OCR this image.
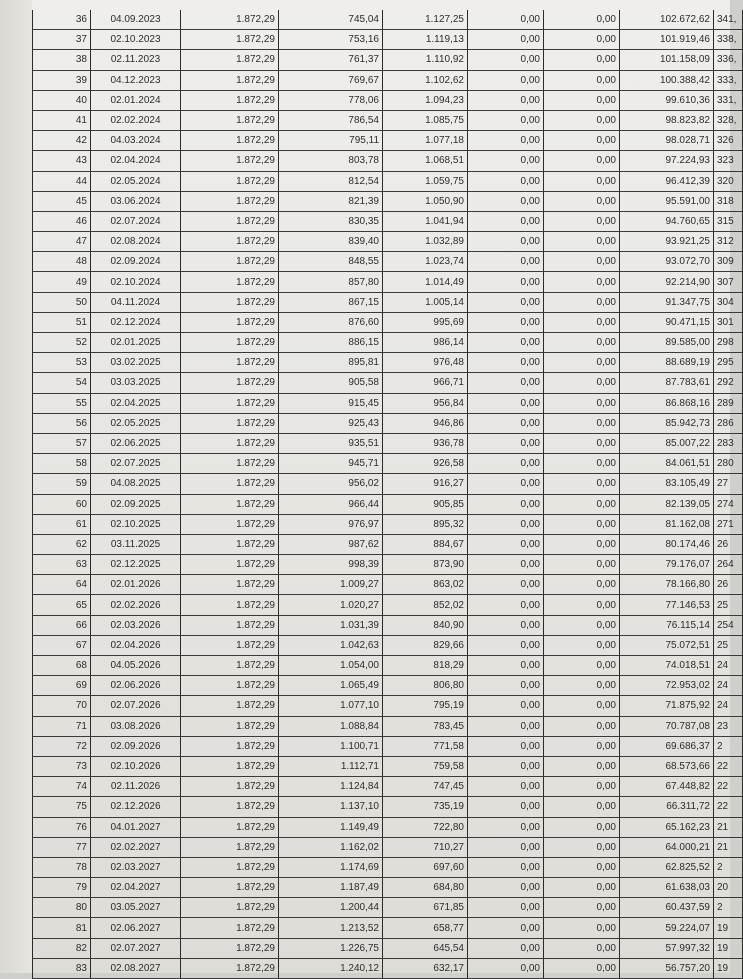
36	04.09.2023	1.872,29	745,04	1.127,25	0,00	0,00	102.672,62	341,
37	02.10.2023	1.872,29	753,16	1.119,13	0,00	0,00	101.919,46	338,
38	02.11.2023	1.872,29	761,37	1.110,92	0,00	0,00	101.158,09	336,
39	04.12.2023	1.872,29	769,67	1.102,62	0,00	0,00	100.388,42	333,
40	02.01.2024	1.872,29	778,06	1.094,23	0,00	0,00	99.610,36	331,
41	02.02.2024	1.872,29	786,54	1.085,75	0,00	0,00	98.823,82	328,
42	04.03.2024	1.872,29	795,11	1.077,18	0,00	0,00	98.028,71	326
43	02.04.2024	1.872,29	803,78	1.068,51	0,00	0,00	97.224,93	323
44	02.05.2024	1.872,29	812,54	1.059,75	0,00	0,00	96.412,39	320
45	03.06.2024	1.872,29	821,39	1.050,90	0,00	0,00	95.591,00	318
46	02.07.2024	1.872,29	830,35	1.041,94	0,00	0,00	94.760,65	315
47	02.08.2024	1.872,29	839,40	1.032,89	0,00	0,00	93.921,25	312
48	02.09.2024	1.872,29	848,55	1.023,74	0,00	0,00	93.072,70	309
49	02.10.2024	1.872,29	857,80	1.014,49	0,00	0,00	92.214,90	307
50	04.11.2024	1.872,29	867,15	1.005,14	0,00	0,00	91.347,75	304
51	02.12.2024	1.872,29	876,60	995,69	0,00	0,00	90.471,15	301
52	02.01.2025	1.872,29	886,15	986,14	0,00	0,00	89.585,00	298
53	03.02.2025	1.872,29	895,81	976,48	0,00	0,00	88.689,19	295
54	03.03.2025	1.872,29	905,58	966,71	0,00	0,00	87.783,61	292
55	02.04.2025	1.872,29	915,45	956,84	0,00	0,00	86.868,16	289
56	02.05.2025	1.872,29	925,43	946,86	0,00	0,00	85.942,73	286
57	02.06.2025	1.872,29	935,51	936,78	0,00	0,00	85.007,22	283
58	02.07.2025	1.872,29	945,71	926,58	0,00	0,00	84.061,51	280
59	04.08.2025	1.872,29	956,02	916,27	0,00	0,00	83.105,49	27
60	02.09.2025	1.872,29	966,44	905,85	0,00	0,00	82.139,05	274
61	02.10.2025	1.872,29	976,97	895,32	0,00	0,00	81.162,08	271
62	03.11.2025	1.872,29	987,62	884,67	0,00	0,00	80.174,46	26
63	02.12.2025	1.872,29	998,39	873,90	0,00	0,00	79.176,07	264
64	02.01.2026	1.872,29	1.009,27	863,02	0,00	0,00	78.166,80	26
65	02.02.2026	1.872,29	1.020,27	852,02	0,00	0,00	77.146,53	25
66	02.03.2026	1.872,29	1.031,39	840,90	0,00	0,00	76.115,14	254
67	02.04.2026	1.872,29	1.042,63	829,66	0,00	0,00	75.072,51	25
68	04.05.2026	1.872,29	1.054,00	818,29	0,00	0,00	74.018,51	24
69	02.06.2026	1.872,29	1.065,49	806,80	0,00	0,00	72.953,02	24
70	02.07.2026	1.872,29	1.077,10	795,19	0,00	0,00	71.875,92	24
71	03.08.2026	1.872,29	1.088,84	783,45	0,00	0,00	70.787,08	23
72	02.09.2026	1.872,29	1.100,71	771,58	0,00	0,00	69.686,37	2
73	02.10.2026	1.872,29	1.112,71	759,58	0,00	0,00	68.573,66	22
74	02.11.2026	1.872,29	1.124,84	747,45	0,00	0,00	67.448,82	22
75	02.12.2026	1.872,29	1.137,10	735,19	0,00	0,00	66.311,72	22
76	04.01.2027	1.872,29	1.149,49	722,80	0,00	0,00	65.162,23	21
77	02.02.2027	1.872,29	1.162,02	710,27	0,00	0,00	64.000,21	21
78	02.03.2027	1.872,29	1.174,69	697,60	0,00	0,00	62.825,52	2
79	02.04.2027	1.872,29	1.187,49	684,80	0,00	0,00	61.638,03	20
80	03.05.2027	1.872,29	1.200,44	671,85	0,00	0,00	60.437,59	2
81	02.06.2027	1.872,29	1.213,52	658,77	0,00	0,00	59.224,07	19
82	02.07.2027	1.872,29	1.226,75	645,54	0,00	0,00	57.997,32	19
83	02.08.2027	1.872,29	1.240,12	632,17	0,00	0,00	56.757,20	19
